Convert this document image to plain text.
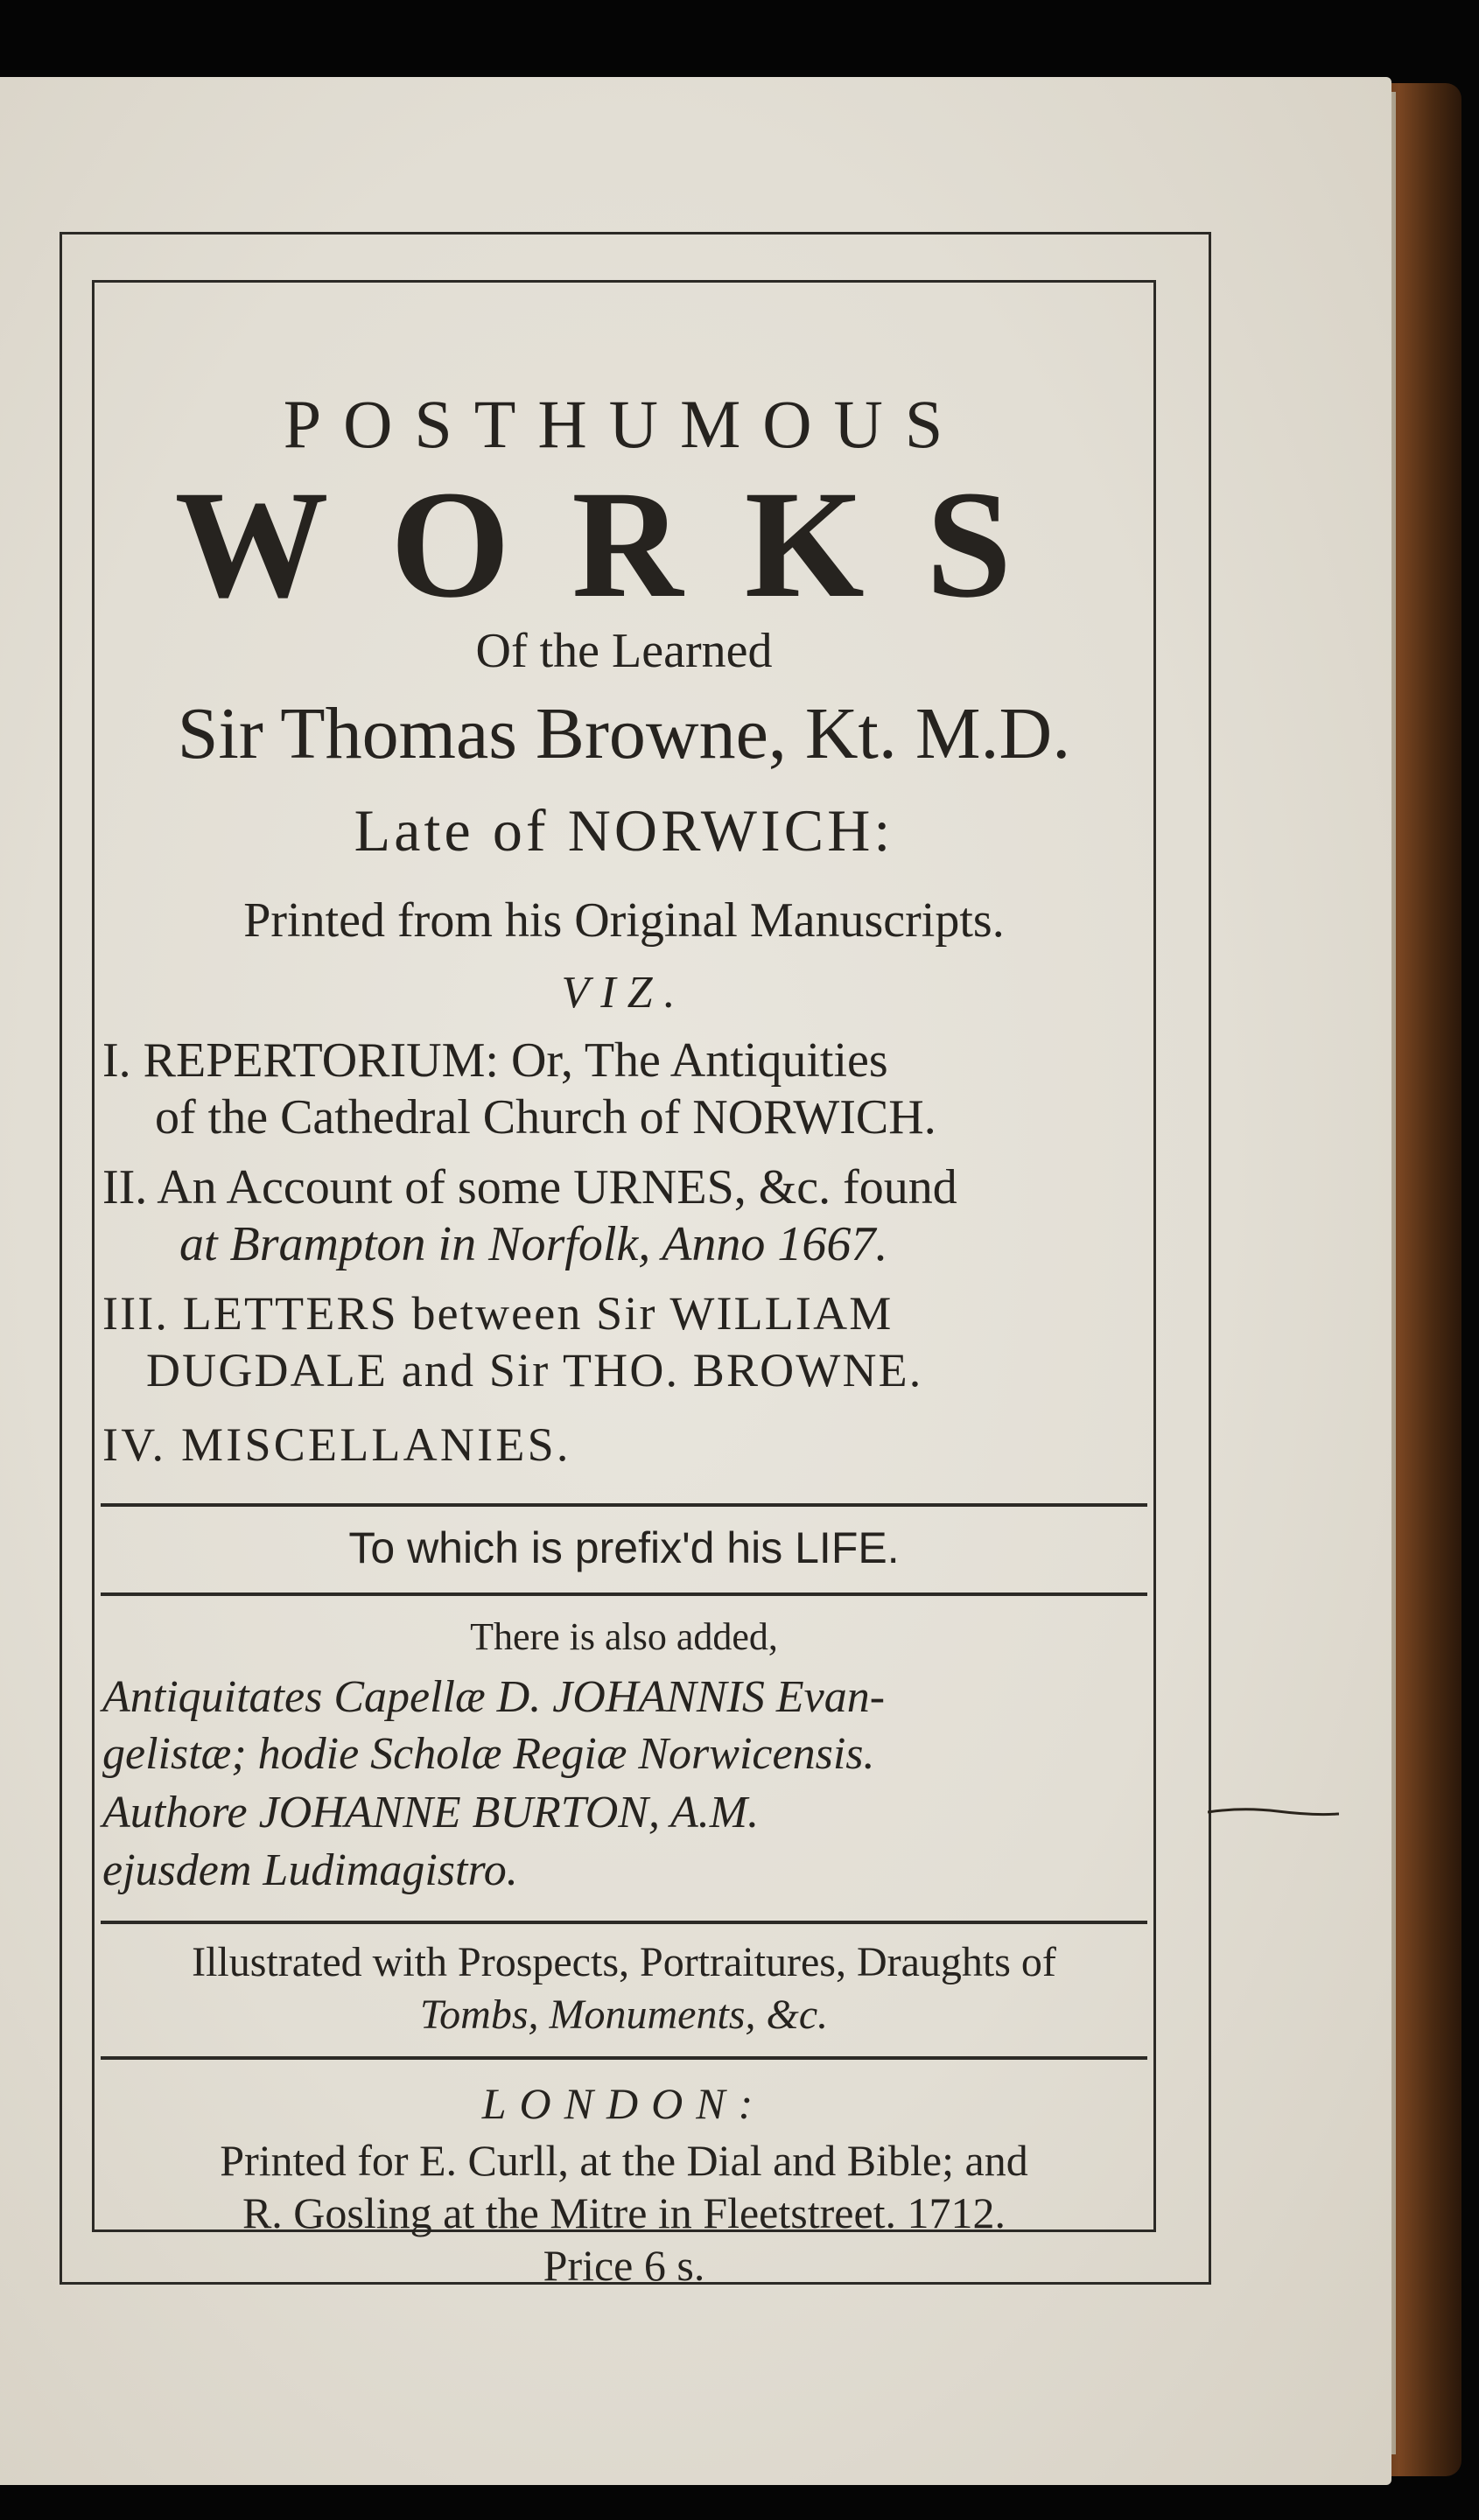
POSTHUMOUS
WORKS
Of the Learned
Sir Thomas Browne, Kt. M.D.
Late of NORWICH:
Printed from his Original Manuscripts.
VIZ.
I. REPERTORIUM: Or, The Antiquities
of the Cathedral Church of NORWICH.
II. An Account of some URNES, &c. found
at Brampton in Norfolk, Anno 1667.
III. LETTERS between Sir WILLIAM
DUGDALE and Sir THO. BROWNE.
IV. MISCELLANIES.
To which is prefix'd his LIFE.
There is also added,
Antiquitates Capellæ D. JOHANNIS Evan-
gelistæ; hodie Scholæ Regiæ Norwicensis.
Authore JOHANNE BURTON, A.M.
ejusdem Ludimagistro.
Illustrated with Prospects, Portraitures, Draughts of
Tombs, Monuments, &c.
LONDON:
Printed for E. Curll, at the Dial and Bible; and
R. Gosling at the Mitre in Fleetstreet. 1712.
Price 6 s.
